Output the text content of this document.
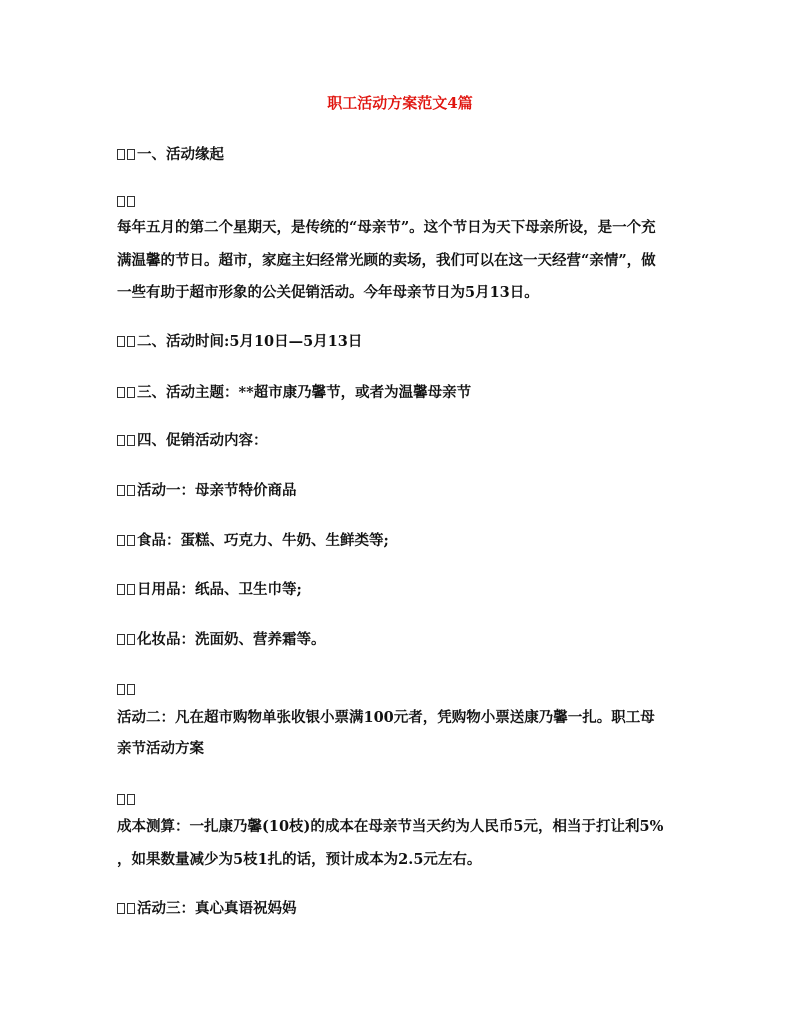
职工活动方案范文4篇
一、活动缘起
每年五月的第二个星期天，是传统的“母亲节”。这个节日为天下母亲所设，是一个充
满温馨的节日。超市，家庭主妇经常光顾的卖场，我们可以在这一天经营“亲情”，做
一些有助于超市形象的公关促销活动。今年母亲节日为5月13日。
二、活动时间:5月10日—5月13日
三、活动主题：**超市康乃馨节，或者为温馨母亲节
四、促销活动内容：
活动一：母亲节特价商品
食品：蛋糕、巧克力、牛奶、生鲜类等;
日用品：纸品、卫生巾等;
化妆品：洗面奶、营养霜等。
活动二：凡在超市购物单张收银小票满100元者，凭购物小票送康乃馨一扎。职工母
亲节活动方案
成本测算：一扎康乃馨(10枝)的成本在母亲节当天约为人民币5元，相当于打让利5%
，如果数量减少为5枝1扎的话，预计成本为2.5元左右。
活动三：真心真语祝妈妈
